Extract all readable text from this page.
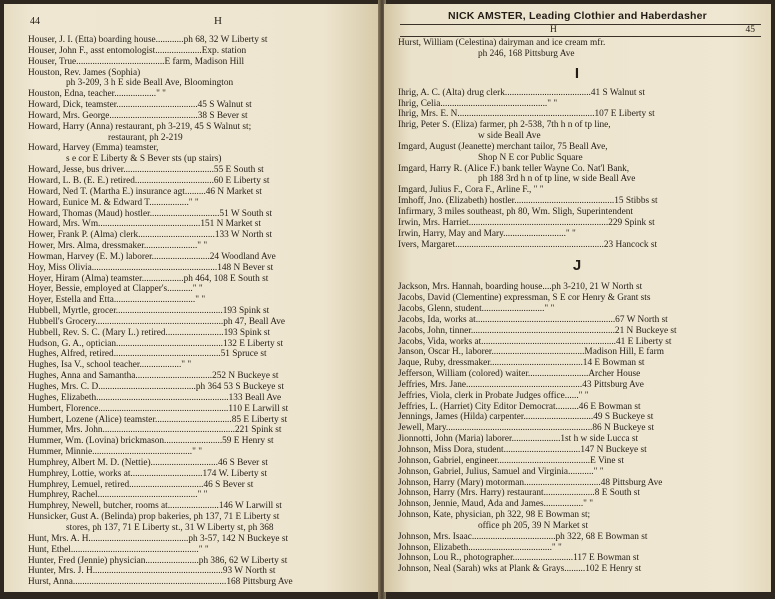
44	H
Houser, J. I. (Etta) boarding house............ph 68, 32 W Liberty st
Houser, John F., asst entomologist....................Exp. station
Houser, True......................................E farm, Madison Hill
Houston, Rev. James (Sophia)
ph 3-209, 3 h E side Beall Ave, Bloomington
Houston, Edna, teacher.................." "
Howard, Dick, teamster...................................45 S Walnut st
Howard, Mrs. George......................................38 S Bever st
Howard, Harry (Anna) restaurant, ph 3-219, 45 S Walnut st;
restaurant, ph 2-219
Howard, Harvey (Emma) teamster,
s e cor E Liberty & S Bever sts (up stairs)
Howard, Jesse, bus driver.......................................55 E South st
Howard, L. B. (E. E.) retired..................................60 E Liberty st
Howard, Ned T. (Martha E.) insurance agt.........46 N Market st
Howard, Eunice M. & Edward T................." "
Howard, Thomas (Maud) hostler..............................51 W South st
Howard, Mrs. Wm............................................151 N Market st
Hower, Frank P. (Alma) clerk.................................133 W North st
Hower, Mrs. Alma, dressmaker......................." "
Howman, Harvey (E. M.) laborer.........................24 Woodland Ave
Hoy, Miss Olivia......................................................148 N Bever st
Hoyer, Hiram (Alma) teamster..................ph 464, 108 E South st
Hoyer, Bessie, employed at Clapper's..........." "
Hoyer, Estella and Etta..................................." "
Hubbell, Myrtle, grocer..............................................193 Spink st
Hubbell's Grocery.......................................................ph 47, Beall Ave
Hubbell, Rev. S. C. (Mary L.) retired.........................193 Spink st
Hudson, G. A., optician..............................................132 E Liberty st
Hughes, Alfred, retired..............................................51 Spruce st
Hughes, Isa V., school teacher.................." "
Hughes, Anna and Samantha.................................252 N Buckeye st
Hughes, Mrs. C. D..........................................ph 364 53 S Buckeye st
Hughes, Elizabeth.........................................................133 Beall Ave
Humbert, Florence........................................................110 E Larwill st
Humbert, Lozene (Alice) teamster.................................85 E Liberty st
Hummer, Mrs. John.........................................................221 Spink st
Hummer, Wm. (Lovina) brickmason.........................59 E Henry st
Hummer, Minnie..........................................." "
Humphrey, Albert M. D. (Nettie).............................46 S Bever st
Humphrey, Lottie, works at...............................174 W. Liberty st
Humphrey, Lemuel, retired................................46 S Bever st
Humphrey, Rachel..........................................." "
Humphrey, Newell, butcher, rooms at......................146 W Larwill st
Hunsicker, Gust A. (Belinda) prop bakeries, ph 137, 71 E Liberty st
stores, ph 137, 71 E Liberty st., 31 W Liberty st, ph 368
Hunt, Mrs. A. H...........................................ph 3-57, 142 N Buckeye st
Hunt, Ethel......................................................." "
Hunter, Fred (Jennie) physician.......................ph 386, 62 W Liberty st
Hunter, Mrs. J. H........................................................93 W North st
Hurst, Anna..................................................................168 Pittsburg Ave
NICK AMSTER, Leading Clothier and Haberdasher
H	45
Hurst, William (Celestina) dairyman and ice cream mfr.
ph 246, 168 Pittsburg Ave
I
Ihrig, A. C. (Alta) drug clerk.....................................41 S Walnut st
Ihrig, Celia.............................................." "
Ihrig, Mrs. E. N...........................................................107 E Liberty st
Ihrig, Peter S. (Eliza) farmer, ph 2-538, 7th h n of tp line,
w side Beall Ave
Imgard, August (Jeanette) merchant tailor, 75 Beall Ave,
Shop N E cor Public Square
Imgard, Harry R. (Alice F.) bank teller Wayne Co. Nat'l Bank,
ph 188 3rd h n of tp line, w side Beall Ave
Imgard, Julius F., Cora F., Arline F., " "
Imhoff, Jno. (Elizabeth) hostler...........................................15 Stibbs st
Infirmary, 3 miles southeast, ph 80, Wm. Sligh, Superintendent
Irwin, Mrs. Harriet............................................................229 Spink st
Irwin, Harry, May and Mary..........................." "
Ivers, Margaret................................................................23 Hancock st
J
Jackson, Mrs. Hannah, boarding house....ph 3-210, 21 W North st
Jacobs, David (Clementine) expressman, S E cor Henry & Grant sts
Jacobs, Glenn, student..........................." "
Jacobs, Ida, works at............................................................67 W North st
Jacobs, John, tinner..............................................................21 N Buckeye st
Jacobs, Vida, works at..........................................................41 E Liberty st
Janson, Oscar H., laborer........................................Madison Hill, E farm
Jaque, Ruby, dressmaker........................................14 E Bowman st
Jefferson, William (colored) waiter..........................Archer House
Jeffries, Mrs. Jane..................................................43 Pittsburg Ave
Jeffries, Viola, clerk in Probate Judges office......" "
Jeffries, L. (Harriet) City Editor Democrat..........46 E Bowman st
Jennings, James (Hilda) carpenter..............................49 S Buckeye st
Jewell, Mary...............................................................86 N Buckeye st
Jionnotti, John (Maria) laborer.....................1st h w side Lucca st
Johnson, Miss Dora, student.................................147 N Buckeye st
Johnson, Gabriel, engineer........................................E Vine st
Johnson, Gabriel, Julius, Samuel and Virginia..........." "
Johnson, Harry (Mary) motorman.................................48 Pittsburg Ave
Johnson, Harry (Mrs. Harry) restaurant......................8 E South st
Johnson, Jennie, Maud, Ada and James................." "
Johnson, Kate, physician, ph 322, 98 E Bowman st;
office ph 205, 39 N Market st
Johnson, Mrs. Isaac....................................ph 322, 68 E Bowman st
Johnson, Elizabeth...................................." "
Johnson, Lou R., photographer..........................117 E Bowman st
Johnson, Neal (Sarah) wks at Plank & Grays.........102 E Henry st
